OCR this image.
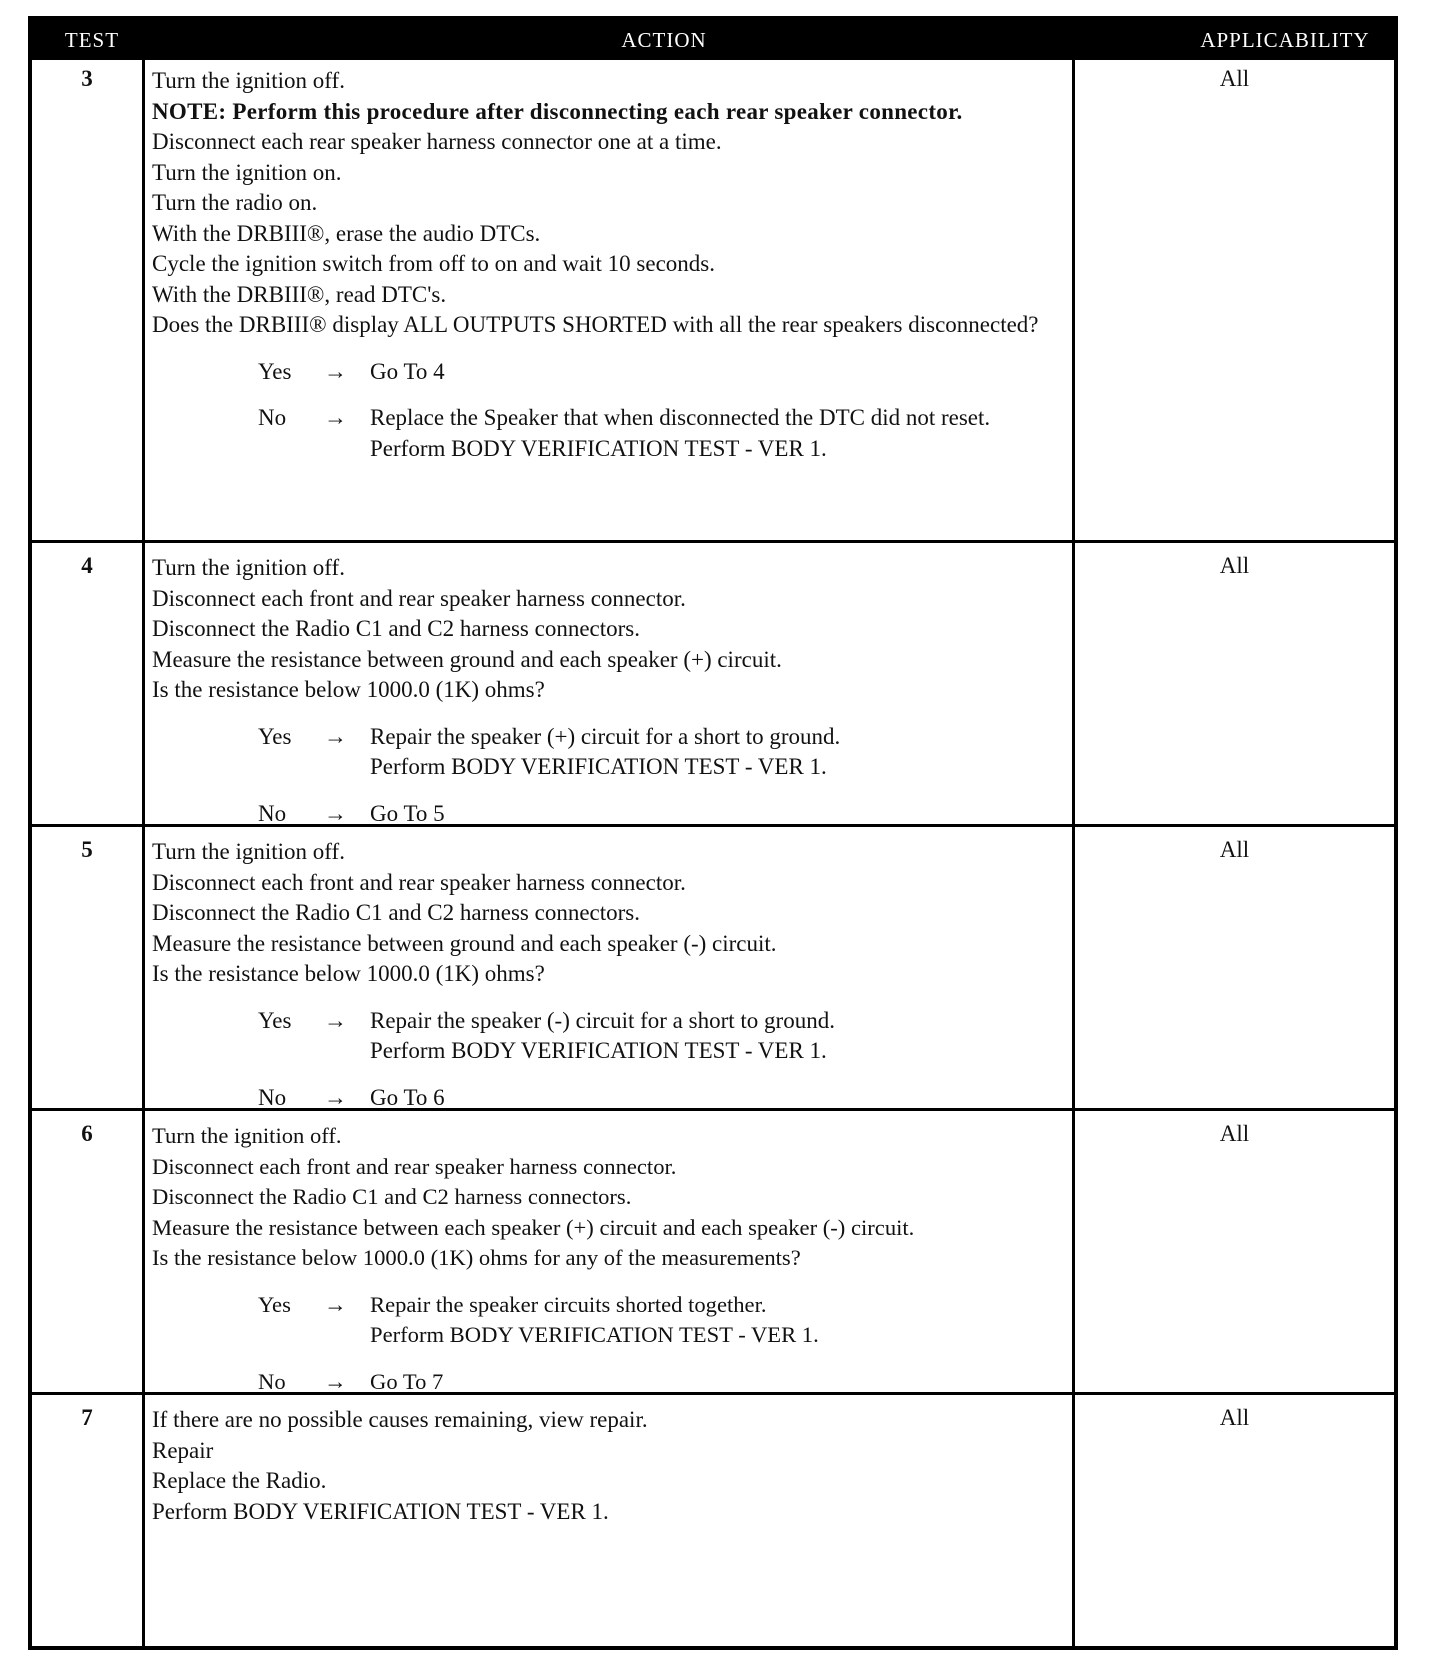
TEST	ACTION	APPLICABILITY
3	Turn the ignition off.

NOTE: Perform this procedure after disconnecting each rear speaker connector.

Disconnect each rear speaker harness connector one at a time.

Turn the ignition on.

Turn the radio on.

With the DRBIII®, erase the audio DTCs.

Cycle the ignition switch from off to on and wait 10 seconds.

With the DRBIII®, read DTC's.

Does the DRBIII® display ALL OUTPUTS SHORTED with all the rear speakers disconnected?

Yes	→	Go To 4

No	→	Replace the Speaker that when disconnected the DTC did not reset.

Perform BODY VERIFICATION TEST - VER 1.

All
4	Turn the ignition off.

Disconnect each front and rear speaker harness connector.

Disconnect the Radio C1 and C2 harness connectors.

Measure the resistance between ground and each speaker (+) circuit.

Is the resistance below 1000.0 (1K) ohms?

Yes	→	Repair the speaker (+) circuit for a short to ground.

Perform BODY VERIFICATION TEST - VER 1.

No	→	Go To 5

All
5	Turn the ignition off.

Disconnect each front and rear speaker harness connector.

Disconnect the Radio C1 and C2 harness connectors.

Measure the resistance between ground and each speaker (-) circuit.

Is the resistance below 1000.0 (1K) ohms?

Yes	→	Repair the speaker (-) circuit for a short to ground.

Perform BODY VERIFICATION TEST - VER 1.

No	→	Go To 6

All
6	Turn the ignition off.

Disconnect each front and rear speaker harness connector.

Disconnect the Radio C1 and C2 harness connectors.

Measure the resistance between each speaker (+) circuit and each speaker (-) circuit.

Is the resistance below 1000.0 (1K) ohms for any of the measurements?

Yes	→	Repair the speaker circuits shorted together.

Perform BODY VERIFICATION TEST - VER 1.

No	→	Go To 7

All
7	If there are no possible causes remaining, view repair.

Repair

Replace the Radio.

Perform BODY VERIFICATION TEST - VER 1.

All
